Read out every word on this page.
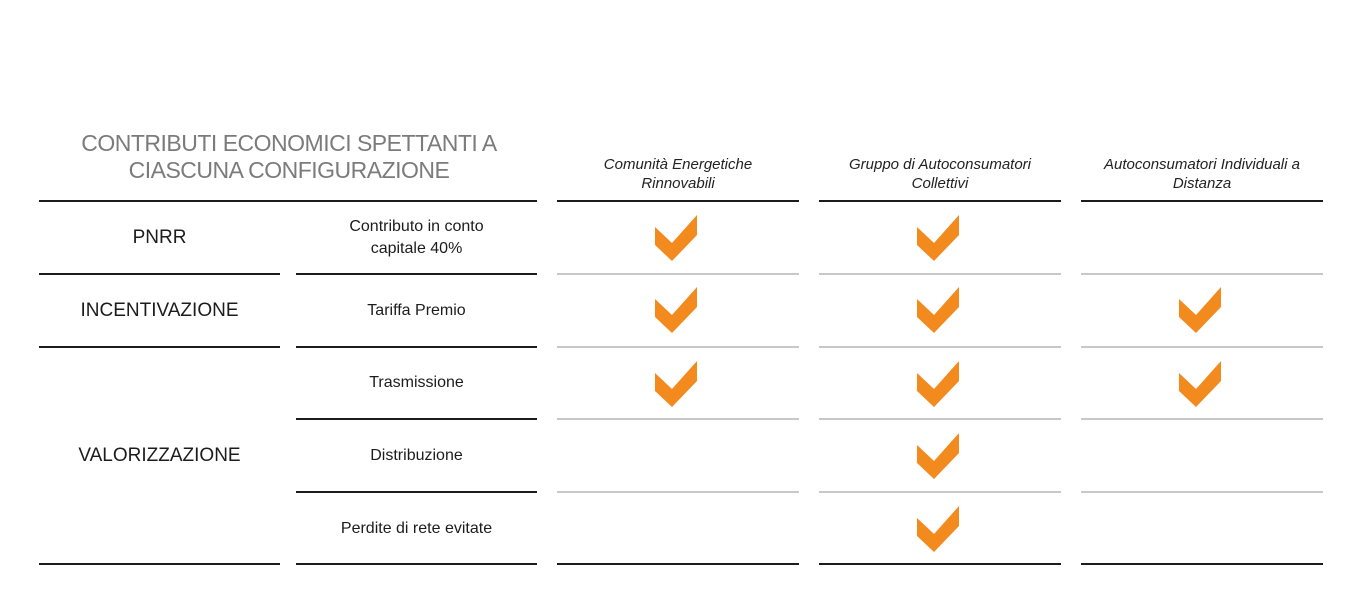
CONTRIBUTI ECONOMICI SPETTANTI A
CIASCUNA CONFIGURAZIONE	Comunità Energetiche
Rinnovabili
Gruppo di Autoconsumatori
Collettivi
Autoconsumatori Individuali a
Distanza
PNRR
INCENTIVAZIONE
VALORIZZAZIONE
Contributo in conto
capitale 40%
Tariffa Premio
Trasmissione
Distribuzione
Perdite di rete evitate
